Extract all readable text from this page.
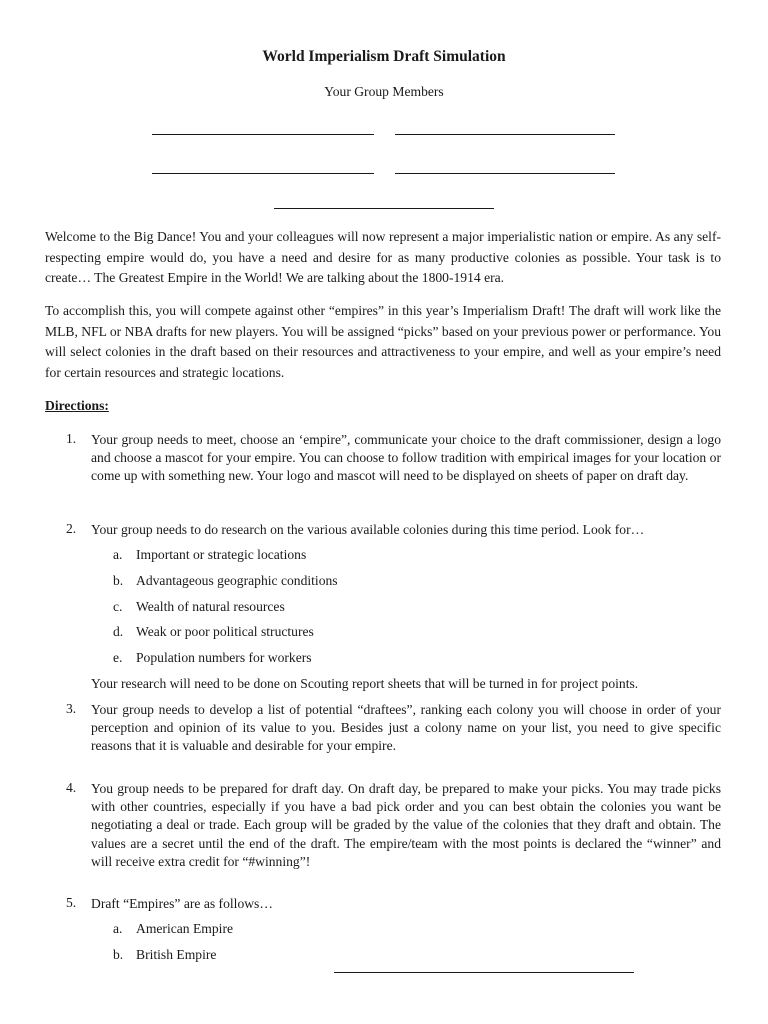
World Imperialism Draft Simulation
Your Group Members
Welcome to the Big Dance! You and your colleagues will now represent a major imperialistic nation or empire. As any self-respecting empire would do, you have a need and desire for as many productive colonies as possible. Your task is to create… The Greatest Empire in the World! We are talking about the 1800-1914 era.
To accomplish this, you will compete against other “empires” in this year’s Imperialism Draft! The draft will work like the MLB, NFL or NBA drafts for new players. You will be assigned “picks” based on your previous power or performance. You will select colonies in the draft based on their resources and attractiveness to your empire, and well as your empire’s need for certain resources and strategic locations.
Directions:
1. Your group needs to meet, choose an ‘empire”, communicate your choice to the draft commissioner, design a logo and choose a mascot for your empire. You can choose to follow tradition with empirical images for your location or come up with something new. Your logo and mascot will need to be displayed on sheets of paper on draft day.
2. Your group needs to do research on the various available colonies during this time period. Look for…
a. Important or strategic locations
b. Advantageous geographic conditions
c. Wealth of natural resources
d. Weak or poor political structures
e. Population numbers for workers
Your research will need to be done on Scouting report sheets that will be turned in for project points.
3. Your group needs to develop a list of potential “draftees”, ranking each colony you will choose in order of your perception and opinion of its value to you. Besides just a colony name on your list, you need to give specific reasons that it is valuable and desirable for your empire.
4. You group needs to be prepared for draft day. On draft day, be prepared to make your picks. You may trade picks with other countries, especially if you have a bad pick order and you can best obtain the colonies you want be negotiating a deal or trade. Each group will be graded by the value of the colonies that they draft and obtain. The values are a secret until the end of the draft. The empire/team with the most points is declared the “winner” and will receive extra credit for “#winning”!
5. Draft “Empires” are as follows…
a. American Empire
b. British Empire
